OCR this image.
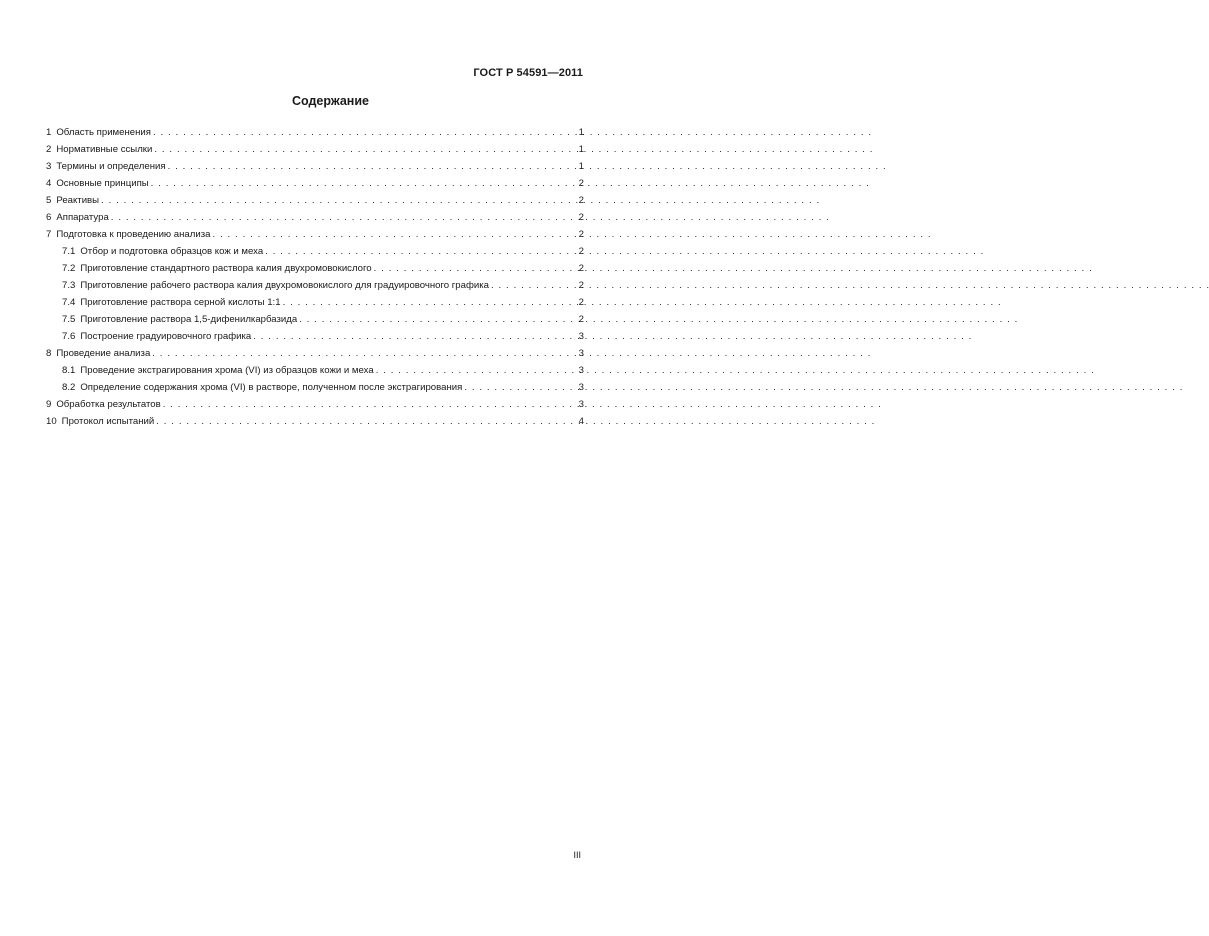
ГОСТ Р 54591—2011
Содержание
1 Область применения . . .	1
2 Нормативные ссылки . . .	1
3 Термины и определения . . .	1
4 Основные принципы . . .	2
5 Реактивы . . .	2
6 Аппаратура . . .	2
7 Подготовка к проведению анализа . . .	2
7.1 Отбор и подготовка образцов кож и меха . . .	2
7.2 Приготовление стандартного раствора калия двухромовокислого . . .	2
7.3 Приготовление рабочего раствора калия двухромовокислого для градуировочного графика . . .	2
7.4 Приготовление раствора серной кислоты 1:1 . . .	2
7.5 Приготовление раствора 1,5-дифенилкарбазида . . .	2
7.6 Построение градуировочного графика . . .	3
8 Проведение анализа . . .	3
8.1 Проведение экстрагирования хрома (VI) из образцов кожи и меха . . .	3
8.2 Определение содержания хрома (VI) в растворе, полученном после экстрагирования . . .	3
9 Обработка результатов . . .	3
10 Протокол испытаний . . .	4
III
